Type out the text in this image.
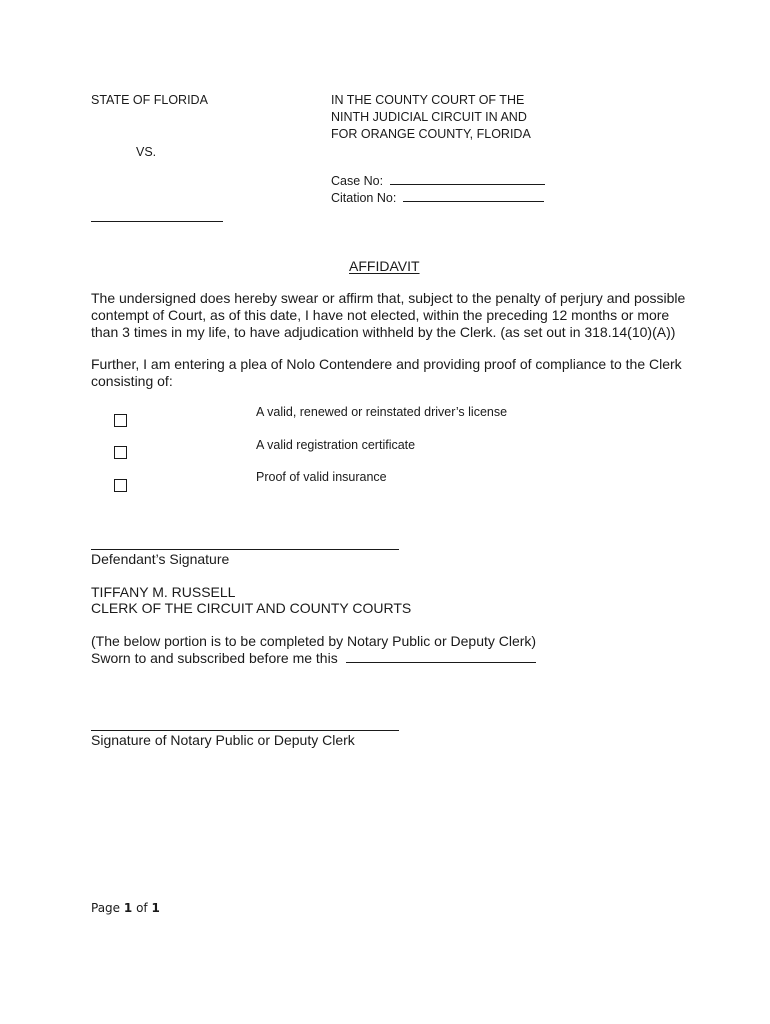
STATE OF FLORIDA
VS.
IN THE COUNTY COURT OF THE
NINTH JUDICIAL CIRCUIT IN AND
FOR ORANGE COUNTY, FLORIDA
Case No:
Citation No:
AFFIDAVIT
The undersigned does hereby swear or affirm that, subject to the penalty of perjury and possible
contempt of Court, as of this date, I have not elected, within the preceding 12 months or more
than 3 times in my life, to have adjudication withheld by the Clerk. (as set out in 318.14(10)(A))
Further, I am entering a plea of Nolo Contendere and providing proof of compliance to the Clerk
consisting of:
A valid, renewed or reinstated driver’s license
A valid registration certificate
Proof of valid insurance
Defendant’s Signature
TIFFANY M. RUSSELL
CLERK OF THE CIRCUIT AND COUNTY COURTS
(The below portion is to be completed by Notary Public or Deputy Clerk)
Sworn to and subscribed before me this
Signature of Notary Public or Deputy Clerk
Page 1 of 1
